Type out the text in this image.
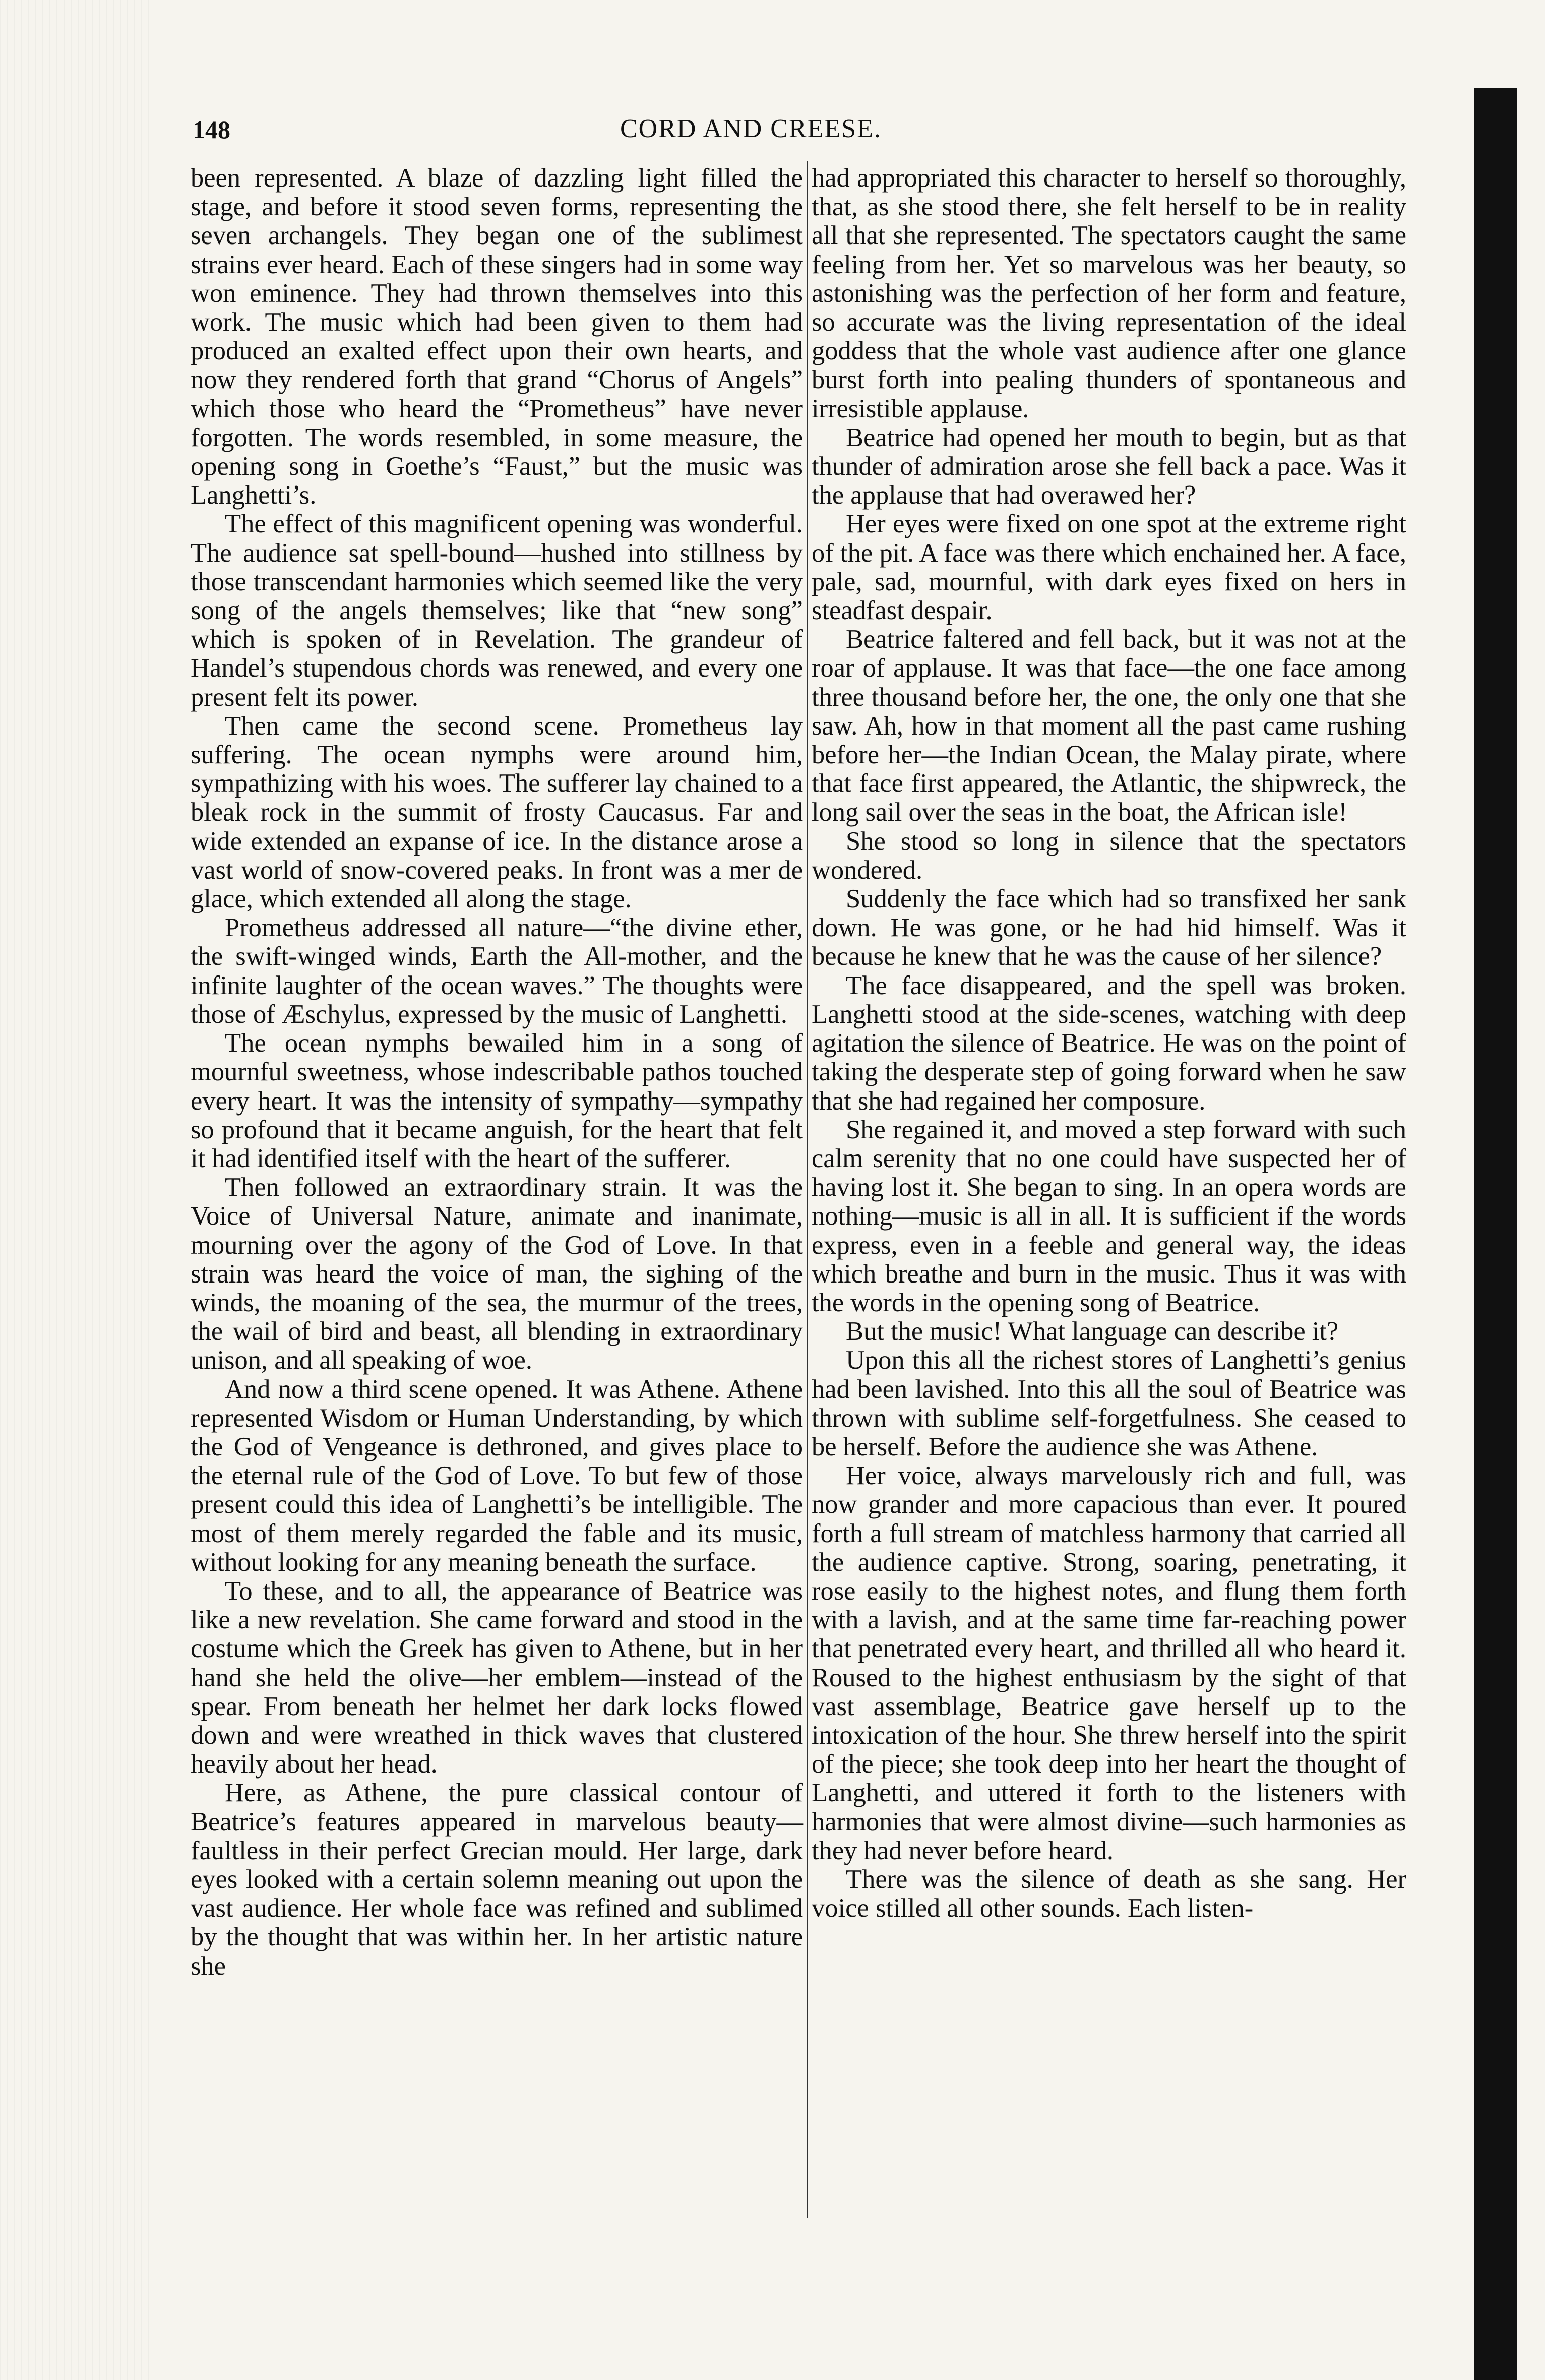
148	CORD AND CREESE.

been represented. A blaze of dazzling light filled the stage, and before it stood seven forms, representing the seven archangels. They began one of the sublimest strains ever heard. Each of these singers had in some way won eminence. They had thrown themselves into this work. The music which had been given to them had produced an exalted effect upon their own hearts, and now they rendered forth that grand “Chorus of Angels” which those who heard the “Prometheus” have never forgotten. The words resembled, in some measure, the opening song in Goethe’s “Faust,” but the music was Langhetti’s.

The effect of this magnificent opening was wonderful. The audience sat spell-bound—hushed into stillness by those transcendant harmonies which seemed like the very song of the angels themselves; like that “new song” which is spoken of in Revelation. The grandeur of Handel’s stupendous chords was renewed, and every one present felt its power.

Then came the second scene. Prometheus lay suffering. The ocean nymphs were around him, sympathizing with his woes. The sufferer lay chained to a bleak rock in the summit of frosty Caucasus. Far and wide extended an expanse of ice. In the distance arose a vast world of snow-covered peaks. In front was a mer de glace, which extended all along the stage.

Prometheus addressed all nature—“the divine ether, the swift-winged winds, Earth the All-mother, and the infinite laughter of the ocean waves.” The thoughts were those of Æschylus, expressed by the music of Langhetti.

The ocean nymphs bewailed him in a song of mournful sweetness, whose indescribable pathos touched every heart. It was the intensity of sympathy—sympathy so profound that it became anguish, for the heart that felt it had identified itself with the heart of the sufferer.

Then followed an extraordinary strain. It was the Voice of Universal Nature, animate and inanimate, mourning over the agony of the God of Love. In that strain was heard the voice of man, the sighing of the winds, the moaning of the sea, the murmur of the trees, the wail of bird and beast, all blending in extraordinary unison, and all speaking of woe.

And now a third scene opened. It was Athene. Athene represented Wisdom or Human Understanding, by which the God of Vengeance is dethroned, and gives place to the eternal rule of the God of Love. To but few of those present could this idea of Langhetti’s be intelligible. The most of them merely regarded the fable and its music, without looking for any meaning beneath the surface.

To these, and to all, the appearance of Beatrice was like a new revelation. She came forward and stood in the costume which the Greek has given to Athene, but in her hand she held the olive—her emblem—instead of the spear. From beneath her helmet her dark locks flowed down and were wreathed in thick waves that clustered heavily about her head.

Here, as Athene, the pure classical contour of Beatrice’s features appeared in marvelous beauty—faultless in their perfect Grecian mould. Her large, dark eyes looked with a certain solemn meaning out upon the vast audience. Her whole face was refined and sublimed by the thought that was within her. In her artistic nature she

had appropriated this character to herself so thoroughly, that, as she stood there, she felt herself to be in reality all that she represented. The spectators caught the same feeling from her. Yet so marvelous was her beauty, so astonishing was the perfection of her form and feature, so accurate was the living representation of the ideal goddess that the whole vast audience after one glance burst forth into pealing thunders of spontaneous and irresistible applause.

Beatrice had opened her mouth to begin, but as that thunder of admiration arose she fell back a pace. Was it the applause that had overawed her?

Her eyes were fixed on one spot at the extreme right of the pit. A face was there which enchained her. A face, pale, sad, mournful, with dark eyes fixed on hers in steadfast despair.

Beatrice faltered and fell back, but it was not at the roar of applause. It was that face—the one face among three thousand before her, the one, the only one that she saw. Ah, how in that moment all the past came rushing before her—the Indian Ocean, the Malay pirate, where that face first appeared, the Atlantic, the shipwreck, the long sail over the seas in the boat, the African isle!

She stood so long in silence that the spectators wondered.

Suddenly the face which had so transfixed her sank down. He was gone, or he had hid himself. Was it because he knew that he was the cause of her silence?

The face disappeared, and the spell was broken. Langhetti stood at the side-scenes, watching with deep agitation the silence of Beatrice. He was on the point of taking the desperate step of going forward when he saw that she had regained her composure.

She regained it, and moved a step forward with such calm serenity that no one could have suspected her of having lost it. She began to sing. In an opera words are nothing—music is all in all. It is sufficient if the words express, even in a feeble and general way, the ideas which breathe and burn in the music. Thus it was with the words in the opening song of Beatrice.

But the music! What language can describe it?

Upon this all the richest stores of Langhetti’s genius had been lavished. Into this all the soul of Beatrice was thrown with sublime self-forgetfulness. She ceased to be herself. Before the audience she was Athene.

Her voice, always marvelously rich and full, was now grander and more capacious than ever. It poured forth a full stream of matchless harmony that carried all the audience captive. Strong, soaring, penetrating, it rose easily to the highest notes, and flung them forth with a lavish, and at the same time far-reaching power that penetrated every heart, and thrilled all who heard it. Roused to the highest enthusiasm by the sight of that vast assemblage, Beatrice gave herself up to the intoxication of the hour. She threw herself into the spirit of the piece; she took deep into her heart the thought of Langhetti, and uttered it forth to the listeners with harmonies that were almost divine—such harmonies as they had never before heard.

There was the silence of death as she sang. Her voice stilled all other sounds. Each listen-
